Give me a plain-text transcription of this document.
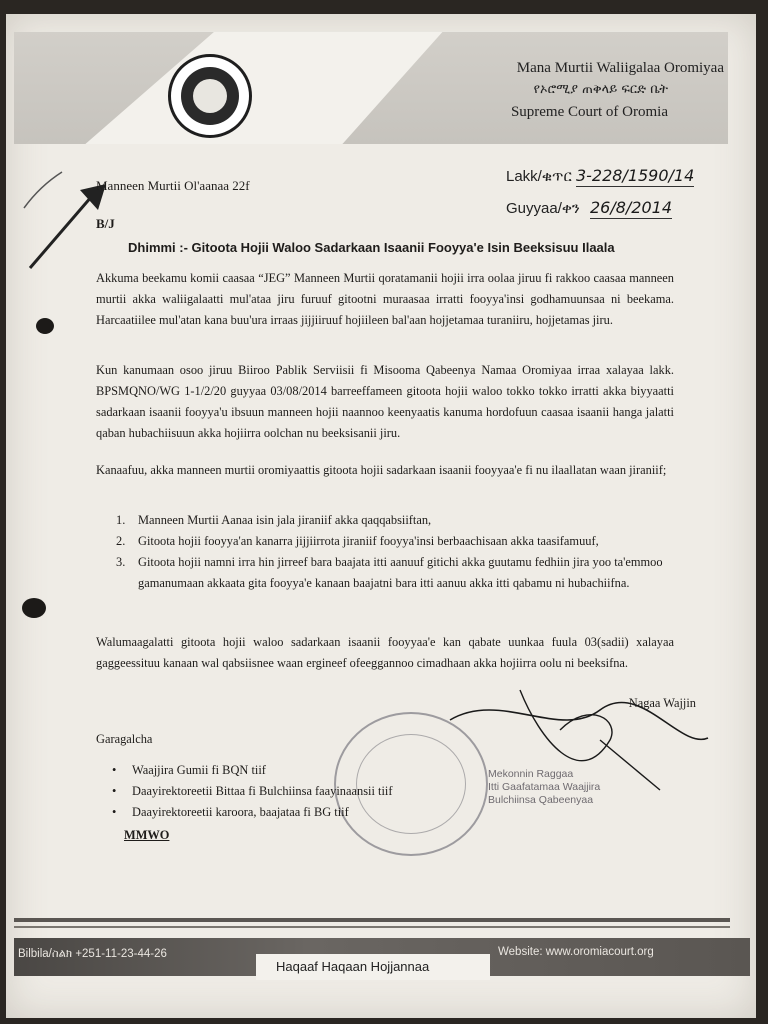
Mana Murtii Waliigalaa Oromiyaa
የኦሮሚያ ጠቅላይ ፍርድ ቤት
Supreme Court of Oromia
Lakk/ቁጥር 3-228/1590/14
Guyyaa/ቀን 26/8/2014
Manneen Murtii Ol'aanaa 22f
B/J
Dhimmi :- Gitoota Hojii Waloo Sadarkaan Isaanii Fooyya'e Isin Beeksisuu Ilaala
Akkuma beekamu komii caasaa “JEG” Manneen Murtii qoratamanii hojii irra oolaa jiruu fi rakkoo caasaa manneen murtii akka waliigalaatti mul'ataa jiru furuuf gitootni muraasaa irratti fooyya'insi godhamuunsaa ni beekama. Harcaatiilee mul'atan kana buu'ura irraas jijjiiruuf hojiileen bal'aan hojjetamaa turaniiru, hojjetamas jiru.
Kun kanumaan osoo jiruu Biiroo Pablik Serviisii fi Misooma Qabeenya Namaa Oromiyaa irraa xalayaa lakk. BPSMQNO/WG 1-1/2/20 guyyaa 03/08/2014 barreeffameen gitoota hojii waloo tokko tokko irratti akka biyyaatti sadarkaan isaanii fooyya'u ibsuun manneen hojii naannoo keenyaatis kanuma hordofuun caasaa isaanii hanga jalatti qaban hubachiisuun akka hojiirra oolchan nu beeksisanii jiru.
Kanaafuu, akka manneen murtii oromiyaattis gitoota hojii sadarkaan isaanii fooyyaa'e fi nu ilaallatan waan jiraniif;
1. Manneen Murtii Aanaa isin jala jiraniif akka qaqqabsiiftan,
2. Gitoota hojii fooyya'an kanarra jijjiirrota jiraniif fooyya'insi berbaachisaan akka taasifamuuf,
3. Gitoota hojii namni irra hin jirreef bara baajata itti aanuuf gitichi akka guutamu fedhiin jira yoo ta'emmoo gamanumaan akkaata gita fooyya'e kanaan baajatni bara itti aanuu akka itti qabamu ni hubachiifna.
Walumaagalatti gitoota hojii waloo sadarkaan isaanii fooyyaa'e kan qabate uunkaa fuula 03(sadii) xalayaa gaggeessituu kanaan wal qabsiisnee waan ergineef ofeeggannoo cimadhaan akka hojiirra oolu ni beeksifna.
Nagaa Wajjin
Mekonnin Raggaa
Itti Gaafatamaa Waajjira
Bulchiinsa Qabeenyaa
Garagalcha
• Waajjira Gumii fi BQN tiif
• Daayirektoreetii Bittaa fi Bulchiinsa faayinaansii tiif
• Daayirektoreetii karoora, baajataa fi BG tiif
MMWO
Bilbila/ስልክ +251-11-23-44-26	Website: www.oromiacourt.org
Haqaaf Haqaan Hojjannaa
